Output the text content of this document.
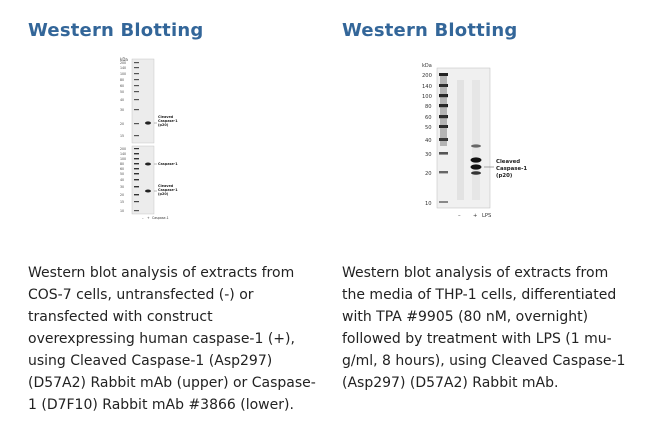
Western Blotting
kDa
200
140
100
80
60
50
40
30
20
15
Cleaved
Caspase-1
(p20)
200
140
100
80
60
50
40
30
20
15
10
Caspase-1
Cleaved
Caspase-1
(p20)
– + Caspase-1
Western blot analysis of extracts from COS-7 cells, untransfected (-) or transfected with construct overexpressing human caspase-1 (+), using Cleaved Caspase-1 (Asp297) (D57A2) Rabbit mAb (upper) or Caspase-1 (D7F10) Rabbit mAb #3866 (lower).
Western Blotting
kDa
200
140
100
80
60
50
40
30
20
10
Cleaved
Caspase-1
(p20)
– + LPS
Western blot analysis of extracts from the media of THP-1 cells, differentiated with TPA #9905 (80 nM, overnight) followed by treatment with LPS (1 mu-g/ml, 8 hours), using Cleaved Caspase-1 (Asp297) (D57A2) Rabbit mAb.
